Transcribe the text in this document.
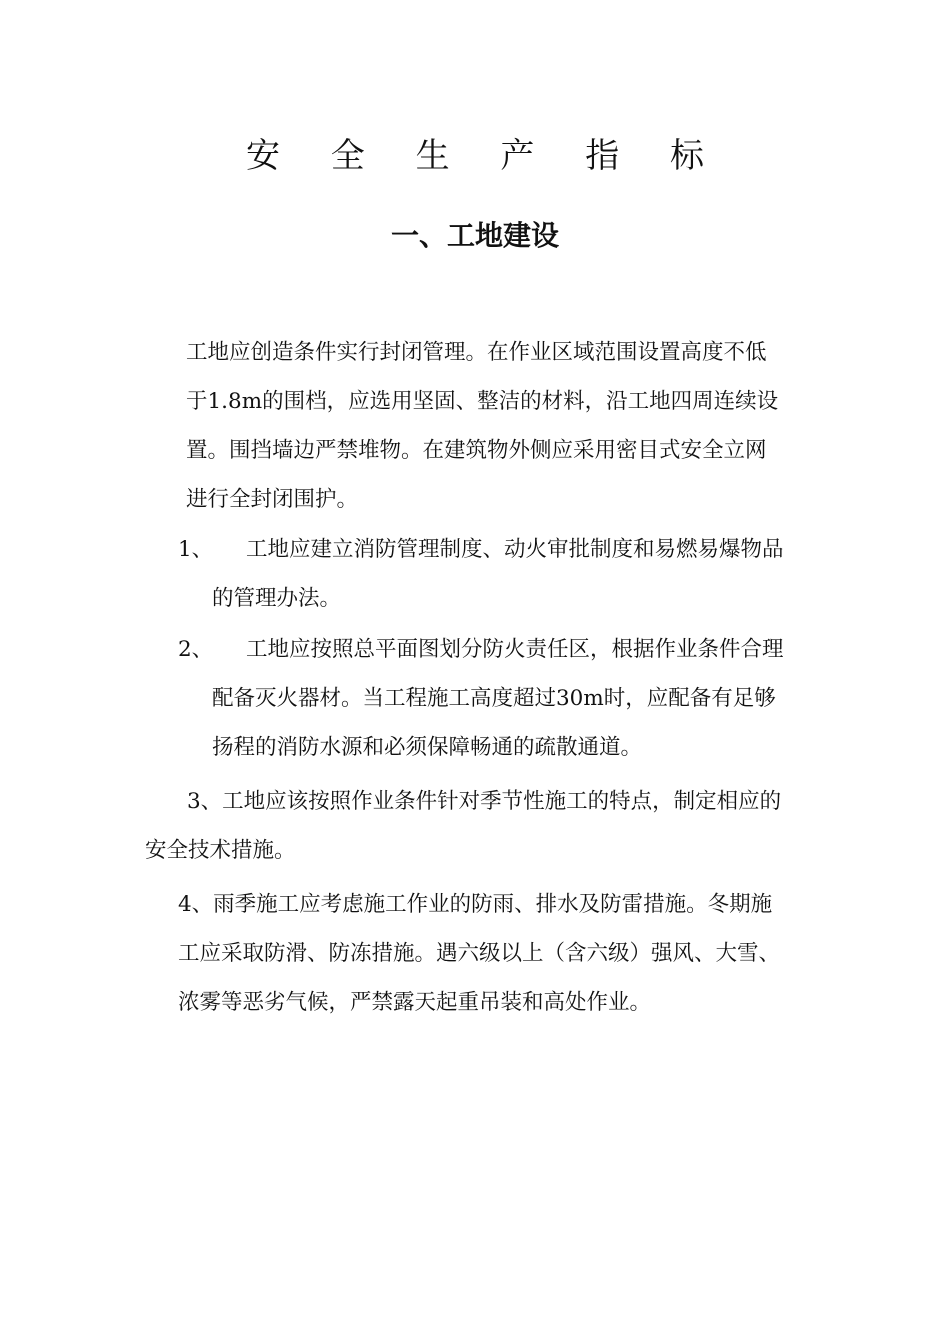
安 全 生 产 指 标
一、工地建设
工地应创造条件实行封闭管理。在作业区域范围设置高度不低
于1.8m的围档，应选用坚固、整洁的材料，沿工地四周连续设
置。围挡墙边严禁堆物。在建筑物外侧应采用密目式安全立网
进行全封闭围护。
1、 工地应建立消防管理制度、动火审批制度和易燃易爆物品
的管理办法。
2、 工地应按照总平面图划分防火责任区，根据作业条件合理
配备灭火器材。当工程施工高度超过30m时，应配备有足够
扬程的消防水源和必须保障畅通的疏散通道。
3、工地应该按照作业条件针对季节性施工的特点，制定相应的
安全技术措施。
4、雨季施工应考虑施工作业的防雨、排水及防雷措施。冬期施
工应采取防滑、防冻措施。遇六级以上（含六级）强风、大雪、
浓雾等恶劣气候，严禁露天起重吊装和高处作业。
